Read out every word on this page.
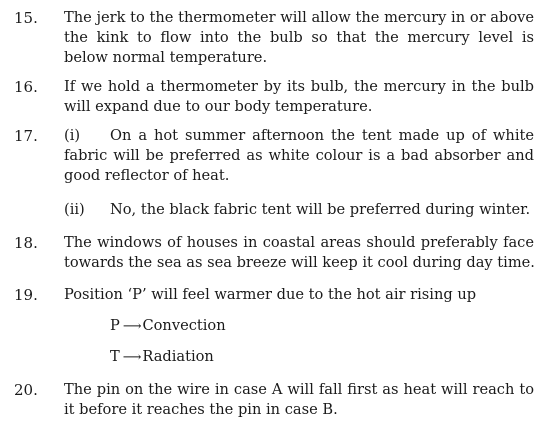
15. The jerk to the thermometer will allow the mercury in or above
the kink to flow into the bulb so that the mercury level is
below normal temperature.
16. If we hold a thermometer by its bulb, the mercury in the bulb
will expand due to our body temperature.
17. (i) On a hot summer afternoon the tent made up of white
fabric will be preferred as white colour is a bad absorber and
good reflector of heat.
(ii) No, the black fabric tent will be preferred during winter.
18. The windows of houses in coastal areas should preferably face
towards the sea as sea breeze will keep it cool during day time.
19. Position ‘P’ will feel warmer due to the hot air rising up
P ⟶Convection
T ⟶Radiation
20. The pin on the wire in case A will fall first as heat will reach to
it before it reaches the pin in case B.
